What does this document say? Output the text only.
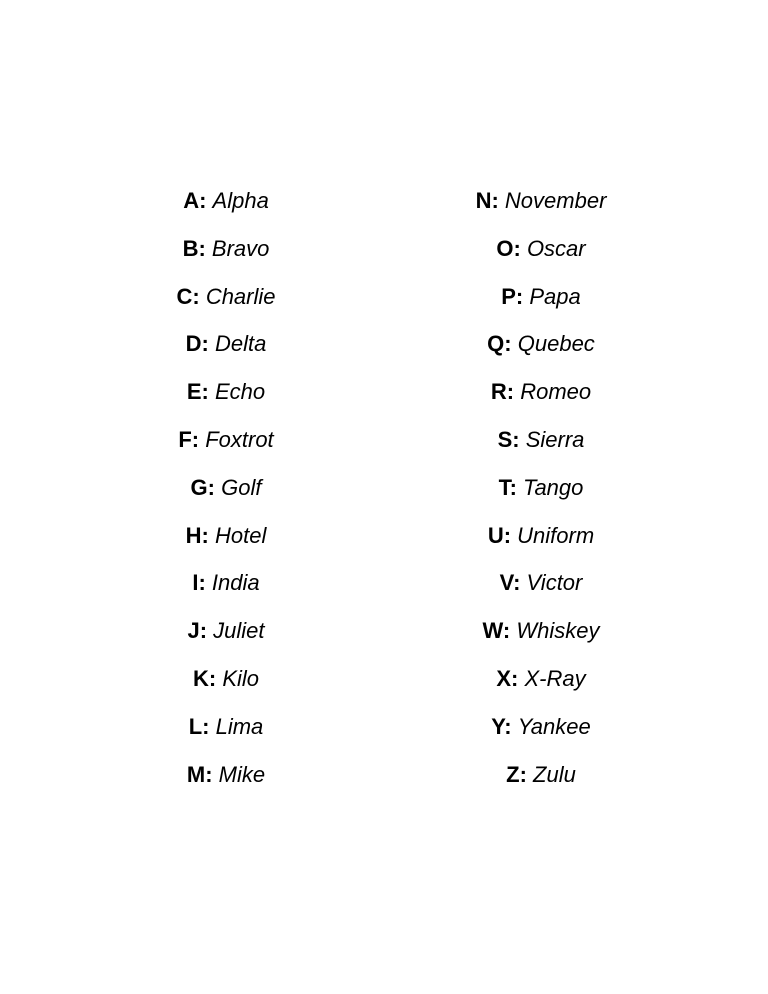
A: Alpha
B: Bravo
C: Charlie
D: Delta
E: Echo
F: Foxtrot
G: Golf
H: Hotel
I: India
J: Juliet
K: Kilo
L: Lima
M: Mike
N: November
O: Oscar
P: Papa
Q: Quebec
R: Romeo
S: Sierra
T: Tango
U: Uniform
V: Victor
W: Whiskey
X: X-Ray
Y: Yankee
Z: Zulu
